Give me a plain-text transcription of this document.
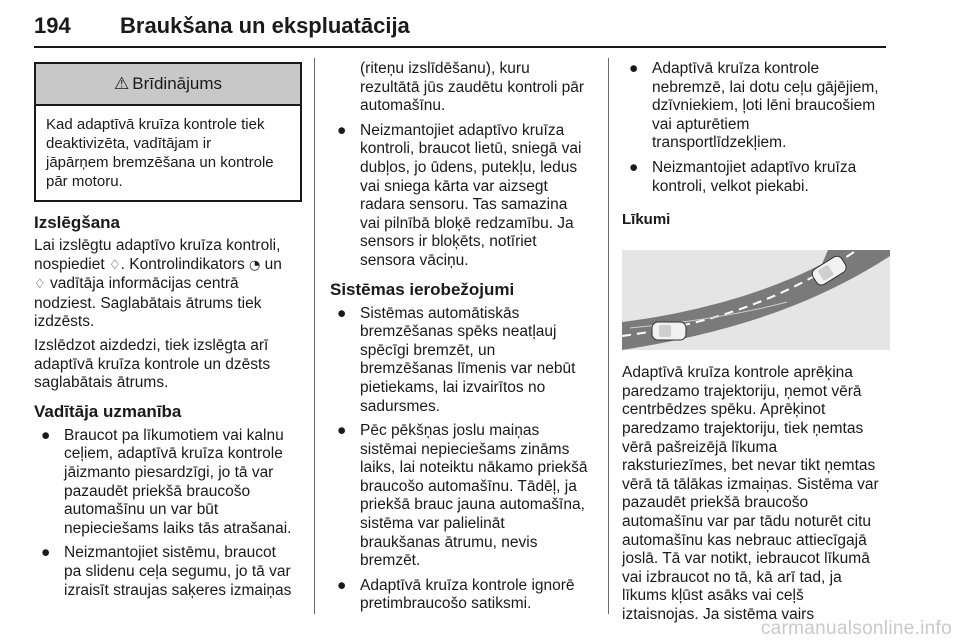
194	Braukšana un ekspluatācija
⚠ Brīdinājums
Kad adaptīvā kruīza kontrole tiek
deaktivizēta, vadītājam ir
jāpārņem bremzēšana un kontrole
pār motoru.
Izslēgšana

Lai izslēgtu adaptīvo kruīza kontroli,
nospiediet ♢. Kontrolindikators ◔ un
♢ vadītāja informācijas centrā
nodziest. Saglabātais ātrums tiek
izdzēsts.

Izslēdzot aizdedzi, tiek izslēgta arī
adaptīvā kruīza kontrole un dzēsts
saglabātais ātrums.

Vadītāja uzmanība
● Braucot pa līkumotiem vai kalnu
ceļiem, adaptīvā kruīza kontrole
jāizmanto piesardzīgi, jo tā var
pazaudēt priekšā braucošo
automašīnu un var būt
nepieciešams laiks tās atrašanai.
● Neizmantojiet sistēmu, braucot
pa slidenu ceļa segumu, jo tā var
izraisīt straujas saķeres izmaiņas
(riteņu izslīdēšanu), kuru
rezultātā jūs zaudētu kontroli pār
automašīnu.
● Neizmantojiet adaptīvo kruīza
kontroli, braucot lietū, sniegā vai
dubļos, jo ūdens, putekļu, ledus
vai sniega kārta var aizsegt
radara sensoru. Tas samazina
vai pilnībā bloķē redzamību. Ja
sensors ir bloķēts, notīriet
sensora vāciņu.
Sistēmas ierobežojumi
● Sistēmas automātiskās
bremzēšanas spēks neatļauj
spēcīgi bremzēt, un
bremzēšanas līmenis var nebūt
pietiekams, lai izvairītos no
sadursmes.
● Pēc pēkšņas joslu maiņas
sistēmai nepieciešams zināms
laiks, lai noteiktu nākamo priekšā
braucošo automašīnu. Tādēļ, ja
priekšā brauc jauna automašīna,
sistēma var palielināt
braukšanas ātrumu, nevis
bremzēt.
● Adaptīvā kruīza kontrole ignorē
pretimbraucošo satiksmi.
● Adaptīvā kruīza kontrole
nebremzē, lai dotu ceļu gājējiem,
dzīvniekiem, ļoti lēni braucošiem
vai apturētiem
transportlīdzekļiem.
● Neizmantojiet adaptīvo kruīza
kontroli, velkot piekabi.
Līkumi

Adaptīvā kruīza kontrole aprēķina
paredzamo trajektoriju, ņemot vērā
centrbēdzes spēku. Aprēķinot
paredzamo trajektoriju, tiek ņemtas
vērā pašreizējā līkuma
raksturiezīmes, bet nevar tikt ņemtas
vērā tā tālākas izmaiņas. Sistēma var
pazaudēt priekšā braucošo
automašīnu var par tādu noturēt citu
automašīnu kas nebrauc attiecīgajā
joslā. Tā var notikt, iebraucot līkumā
vai izbraucot no tā, kā arī tad, ja
līkums kļūst asāks vai ceļš
iztaisnojas. Ja sistēma vairs

carmanualsonline.info
